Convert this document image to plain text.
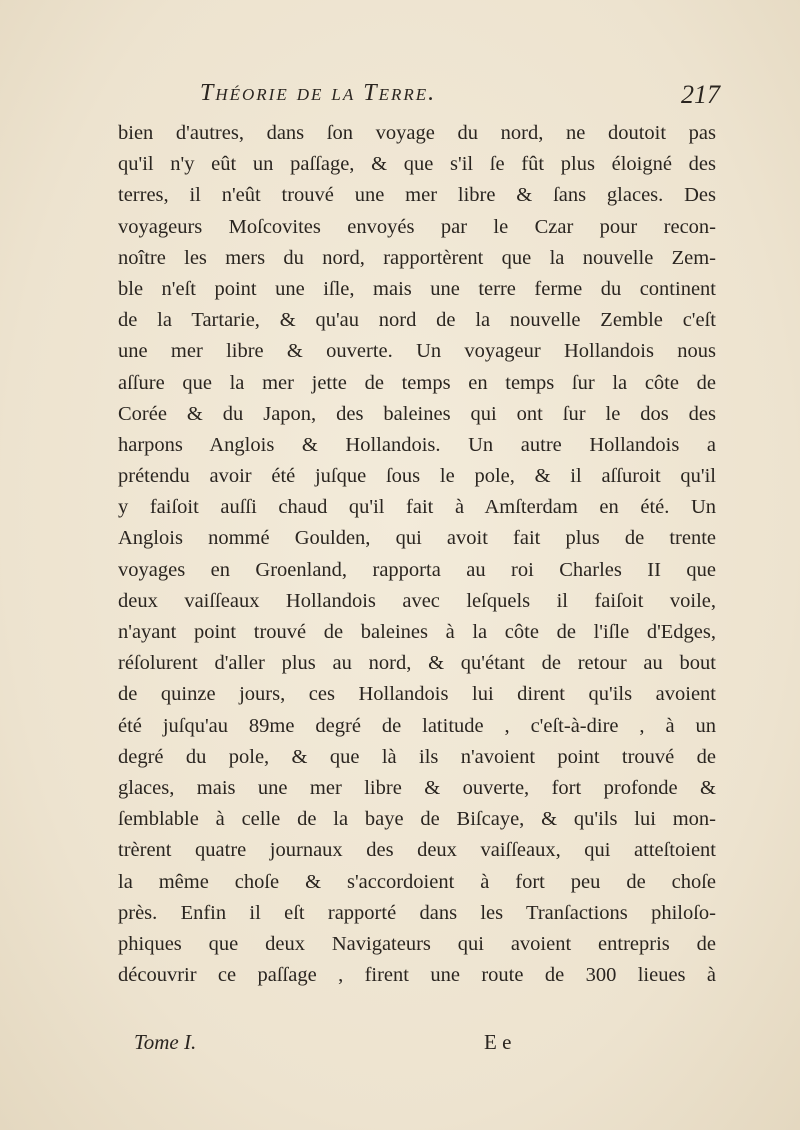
Théorie de la Terre.	217
bien d'autres, dans ſon voyage du nord, ne doutoit pas
qu'il n'y eût un paſſage, & que s'il ſe fût plus éloigné des
terres, il n'eût trouvé une mer libre & ſans glaces. Des
voyageurs Moſcovites envoyés par le Czar pour recon-
noître les mers du nord, rapportèrent que la nouvelle Zem-
ble n'eſt point une iſle, mais une terre ferme du continent
de la Tartarie, & qu'au nord de la nouvelle Zemble c'eſt
une mer libre & ouverte. Un voyageur Hollandois nous
aſſure que la mer jette de temps en temps ſur la côte de
Corée & du Japon, des baleines qui ont ſur le dos des
harpons Anglois & Hollandois. Un autre Hollandois a
prétendu avoir été juſque ſous le pole, & il aſſuroit qu'il
y faiſoit auſſi chaud qu'il fait à Amſterdam en été. Un
Anglois nommé Goulden, qui avoit fait plus de trente
voyages en Groenland, rapporta au roi Charles II que
deux vaiſſeaux Hollandois avec leſquels il faiſoit voile,
n'ayant point trouvé de baleines à la côte de l'iſle d'Edges,
réſolurent d'aller plus au nord, & qu'étant de retour au bout
de quinze jours, ces Hollandois lui dirent qu'ils avoient
été juſqu'au 89me degré de latitude , c'eſt-à-dire , à un
degré du pole, & que là ils n'avoient point trouvé de
glaces, mais une mer libre & ouverte, fort profonde &
ſemblable à celle de la baye de Biſcaye, & qu'ils lui mon-
trèrent quatre journaux des deux vaiſſeaux, qui atteſtoient
la même choſe & s'accordoient à fort peu de choſe
près. Enfin il eſt rapporté dans les Tranſactions philoſo-
phiques que deux Navigateurs qui avoient entrepris de
découvrir ce paſſage , firent une route de 300 lieues à
Tome I.	E e
